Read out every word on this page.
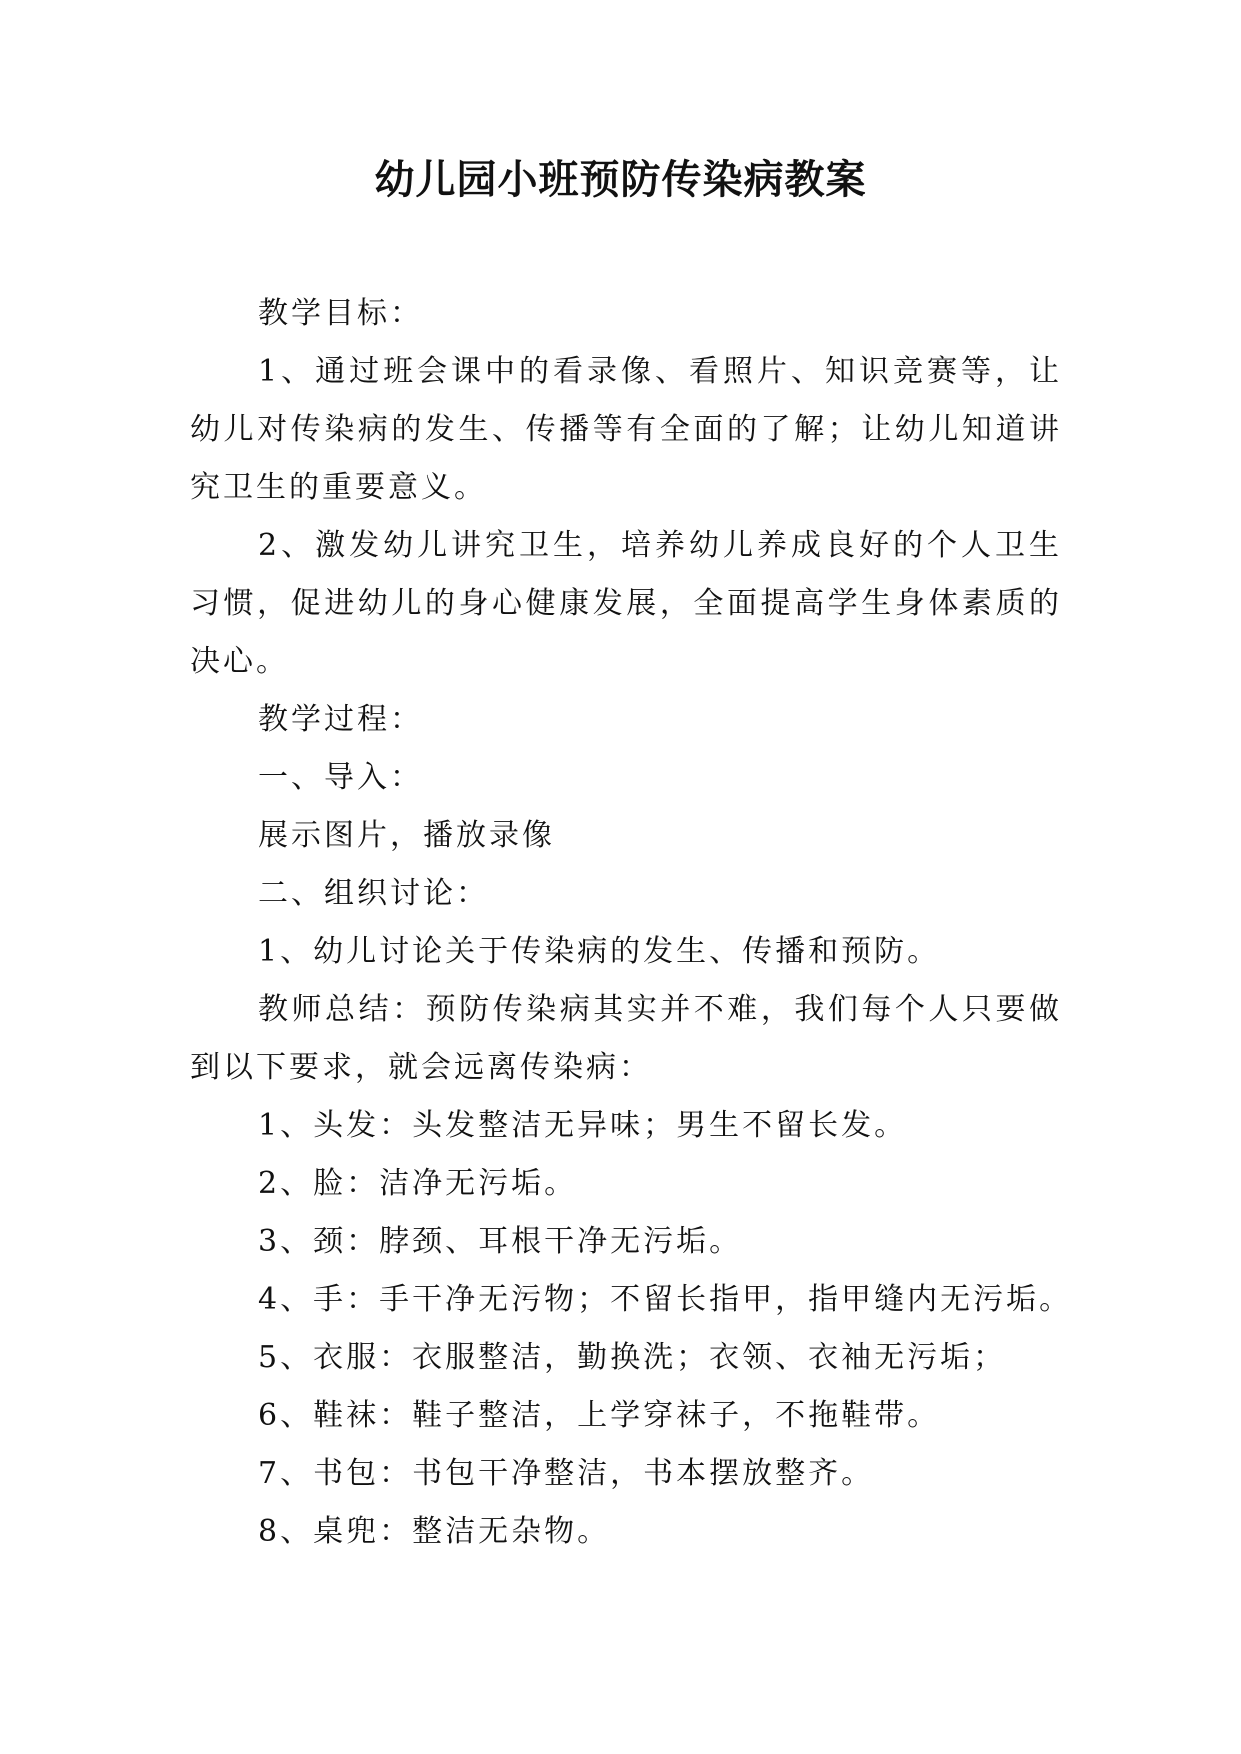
幼儿园小班预防传染病教案

教学目标：

1、通过班会课中的看录像、看照片、知识竞赛等，让幼儿对传染病的发生、传播等有全面的了解；让幼儿知道讲究卫生的重要意义。

2、激发幼儿讲究卫生，培养幼儿养成良好的个人卫生习惯，促进幼儿的身心健康发展，全面提高学生身体素质的决心。

教学过程：

一、导入：

展示图片，播放录像

二、组织讨论：

1、幼儿讨论关于传染病的发生、传播和预防。

教师总结：预防传染病其实并不难，我们每个人只要做到以下要求，就会远离传染病：

1、头发：头发整洁无异味；男生不留长发。

2、脸：洁净无污垢。

3、颈：脖颈、耳根干净无污垢。

4、手：手干净无污物；不留长指甲，指甲缝内无污垢。

5、衣服：衣服整洁，勤换洗；衣领、衣袖无污垢；

6、鞋袜：鞋子整洁，上学穿袜子，不拖鞋带。

7、书包：书包干净整洁，书本摆放整齐。

8、桌兜：整洁无杂物。
